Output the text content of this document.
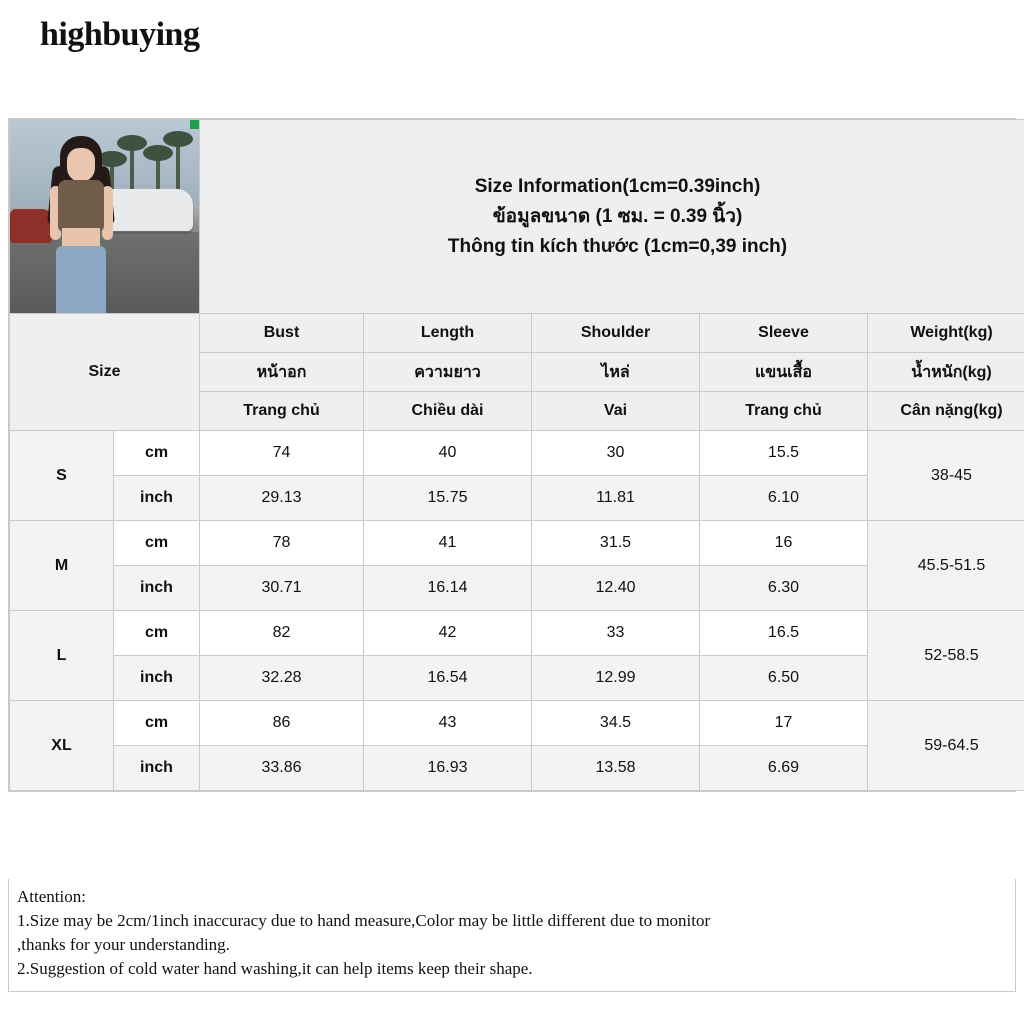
highbuying

		Size Information(1cm=0.39inch)
ข้อมูลขนาด (1 ซม. = 0.39 นิ้ว)
Thông tin kích thước (1cm=0,39 inch)				

Size		Bust	Length	Shoulder	Sleeve	Weight(kg)
		หน้าอก	ความยาว	ไหล่	แขนเสื้อ	น้ำหนัก(kg)
		Trang chủ	Chiều dài	Vai	Trang chủ	Cân nặng(kg)
S	cm	74	40	30	15.5	38-45
	inch	29.13	15.75	11.81	6.10	
M	cm	78	41	31.5	16	45.5-51.5
	inch	30.71	16.14	12.40	6.30	
L	cm	82	42	33	16.5	52-58.5
	inch	32.28	16.54	12.99	6.50	
XL	cm	86	43	34.5	17	59-64.5
	inch	33.86	16.93	13.58	6.69	
Attention:
1.Size may be 2cm/1inch inaccuracy due to hand measure,Color may be little different due to monitor
,thanks for your understanding.
2.Suggestion of cold water hand washing,it can help items keep their shape.
